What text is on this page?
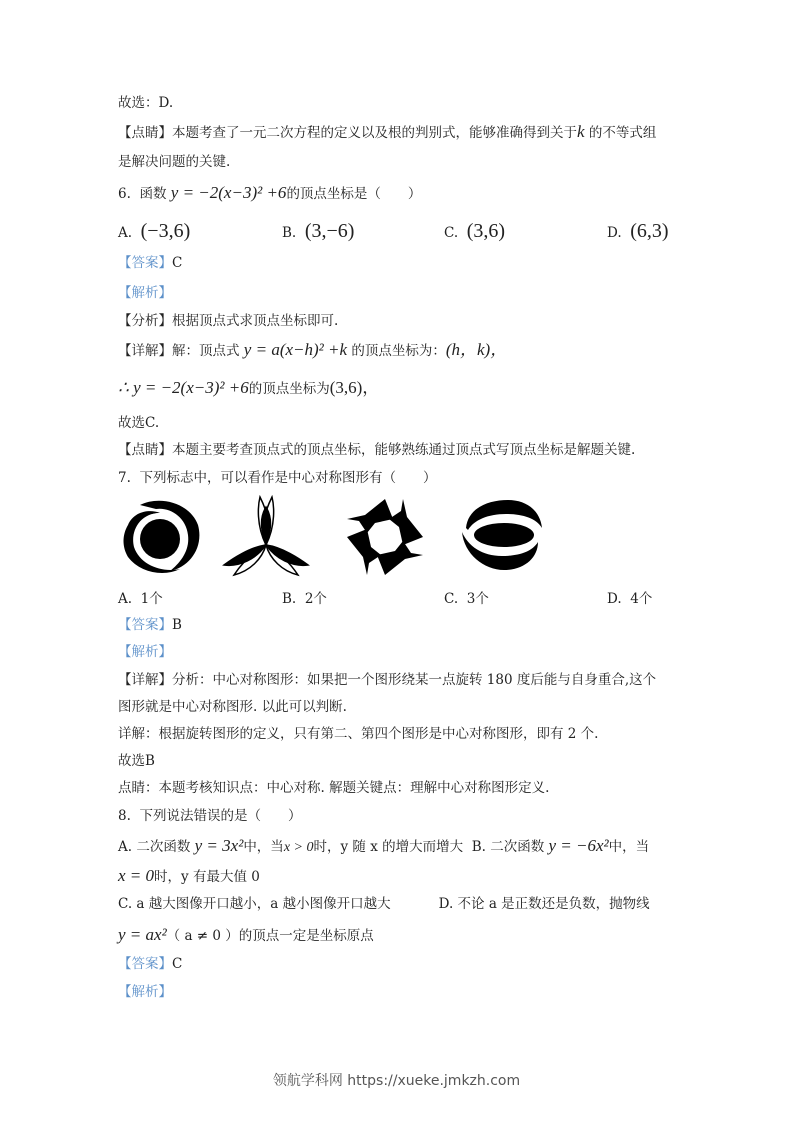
故选：D.
【点睛】本题考查了一元二次方程的定义以及根的判别式，能够准确得到关于k 的不等式组
是解决问题的关键.
6. 函数 y = −2(x−3)² +6的顶点坐标是（　　）
A. (−3,6)	B. (3,−6)	C. (3,6)	D. (6,3)
【答案】C
【解析】
【分析】根据顶点式求顶点坐标即可.
【详解】解：顶点式 y = a(x−h)² +k 的顶点坐标为：(h，k)，
∴ y = −2(x−3)² +6的顶点坐标为(3,6)，
故选C.
【点睛】本题主要考查顶点式的顶点坐标，能够熟练通过顶点式写顶点坐标是解题关键.
7. 下列标志中，可以看作是中心对称图形有（　　）
A. 1个	B. 2个	C. 3个	D. 4个
【答案】B
【解析】
【详解】分析：中心对称图形：如果把一个图形绕某一点旋转 180 度后能与自身重合,这个
图形就是中心对称图形. 以此可以判断.
详解：根据旋转图形的定义，只有第二、第四个图形是中心对称图形，即有 2 个.
故选B
点睛：本题考核知识点：中心对称. 解题关键点：理解中心对称图形定义.
8. 下列说法错误的是（　　）
A. 二次函数 y = 3x²中，当x > 0时，y 随 x 的增大而增大 B. 二次函数 y = −6x²中，当
x = 0时，y 有最大值 0
C. a 越大图像开口越小，a 越小图像开口越大	D. 不论 a 是正数还是负数，抛物线
y = ax²（ a ≠ 0 ）的顶点一定是坐标原点
【答案】C
【解析】
领航学科网 https://xueke.jmkzh.com
